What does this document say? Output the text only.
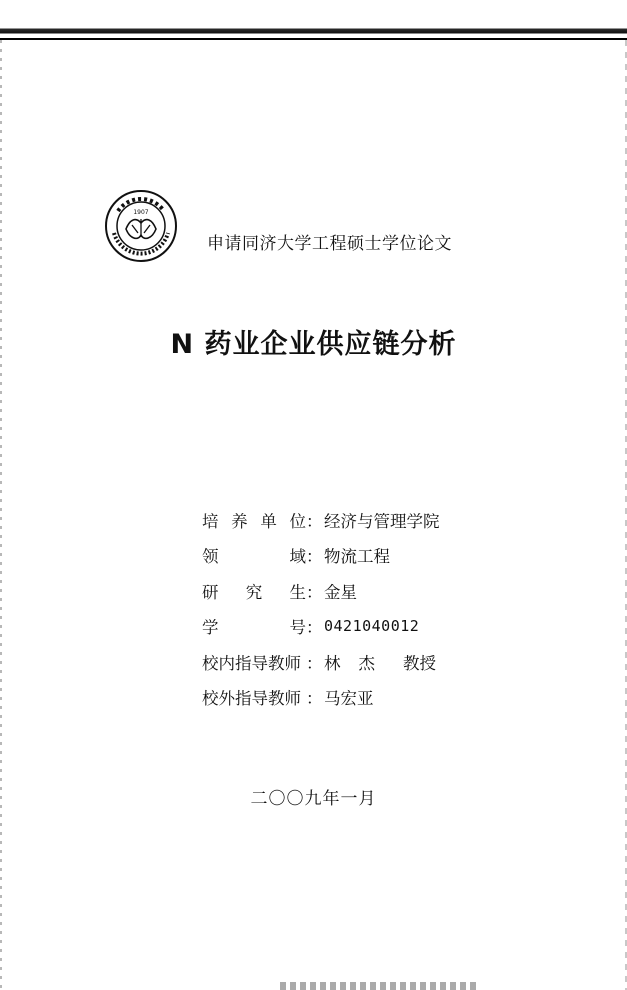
1907
申请同济大学工程硕士学位论文
N 药业企业供应链分析
培 养 单 位 ： 经济与管理学院
领	域 ： 物流工程
研 究 生 ： 金星
学	号 ： 0421040012
校内指导教师 ： 林 杰 教授
校外指导教师 ： 马宏亚
二〇〇九年一月
